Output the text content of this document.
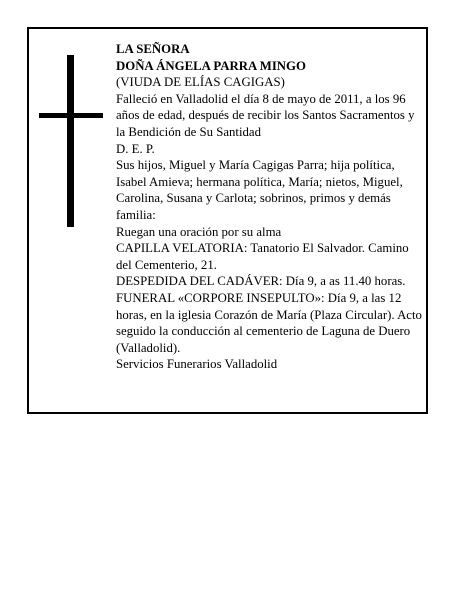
LA SEÑORA

DOÑA ÁNGELA PARRA MINGO

(VIUDA DE ELÍAS CAGIGAS)

Falleció en Valladolid el día 8 de mayo de 2011, a los 96 años de edad, después de recibir los Santos Sacramentos y la Bendición de Su Santidad

D. E. P.

Sus hijos, Miguel y María Cagigas Parra; hija política, Isabel Amieva; hermana política, María; nietos, Miguel, Carolina, Susana y Carlota; sobrinos, primos y demás familia:

Ruegan una oración por su alma

CAPILLA VELATORIA: Tanatorio El Salvador. Camino del Cementerio, 21.

DESPEDIDA DEL CADÁVER: Día 9, a as 11.40 horas.

FUNERAL «CORPORE INSEPULTO»: Día 9, a las 12 horas, en la iglesia Corazón de María (Plaza Circular). Acto seguido la conducción al cementerio de Laguna de Duero (Valladolid).

Servicios Funerarios Valladolid
